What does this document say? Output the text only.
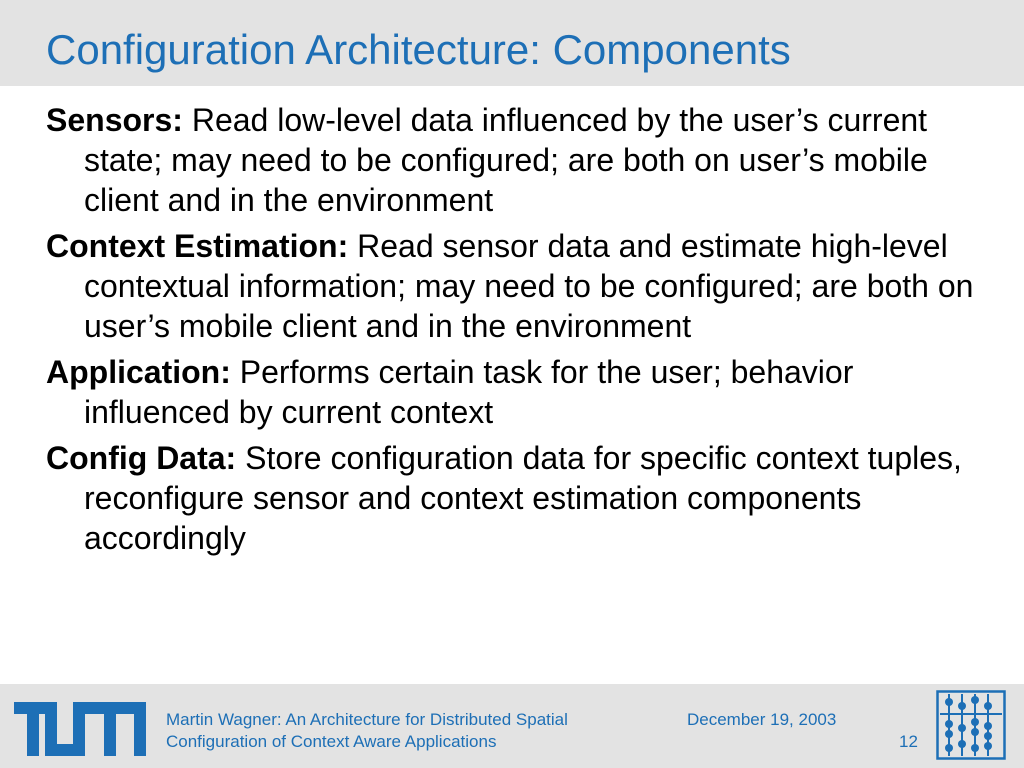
Configuration Architecture: Components

Sensors: Read low-level data influenced by the user’s current state; may need to be configured; are both on user’s mobile client and in the environment

Context Estimation: Read sensor data and estimate high-level contextual information; may need to be configured; are both on user’s mobile client and in the environment

Application: Performs certain task for the user; behavior influenced by current context

Config Data: Store configuration data for specific context tuples, reconfigure sensor and context estimation components accordingly

Martin Wagner: An Architecture for Distributed Spatial
Configuration of Context Aware Applications
December 19, 2003
12
